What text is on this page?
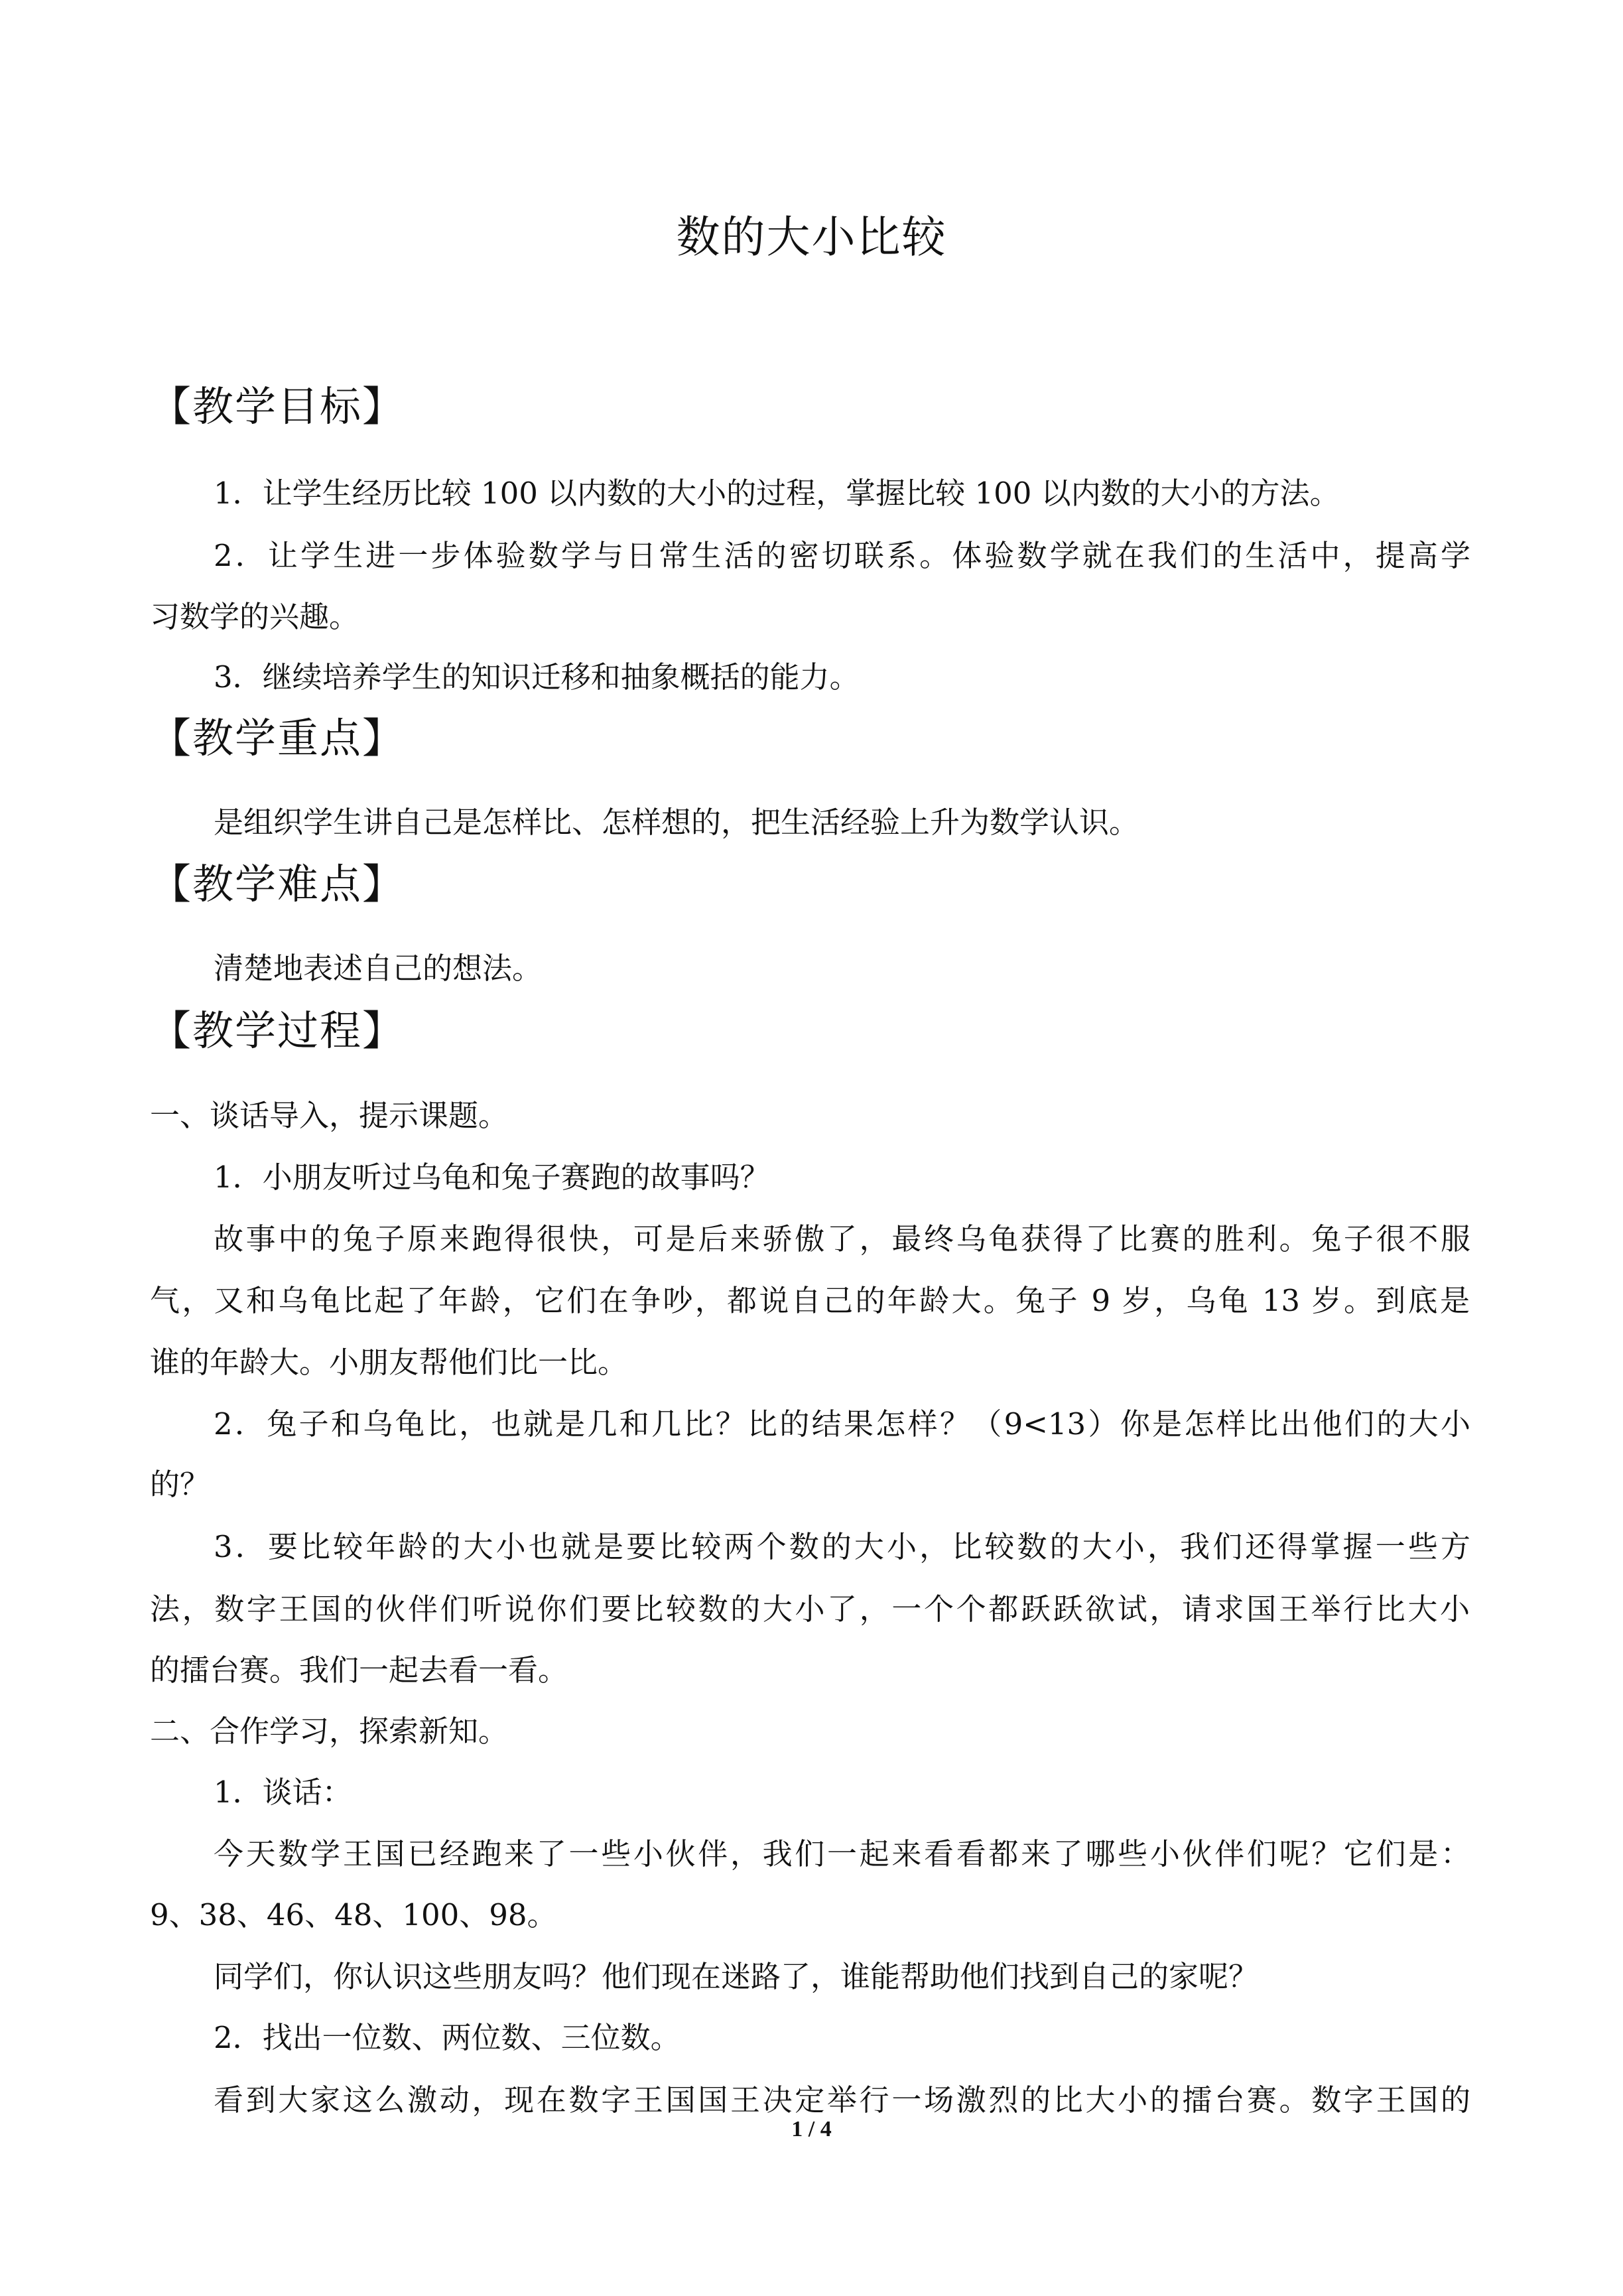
数的大小比较
【教学目标】
1．让学生经历比较 100 以内数的大小的过程，掌握比较 100 以内数的大小的方法。
2．让学生进一步体验数学与日常生活的密切联系。体验数学就在我们的生活中，提高学
习数学的兴趣。
3．继续培养学生的知识迁移和抽象概括的能力。
【教学重点】
是组织学生讲自己是怎样比、怎样想的，把生活经验上升为数学认识。
【教学难点】
清楚地表述自己的想法。
【教学过程】
一、谈话导入，提示课题。
1．小朋友听过乌龟和兔子赛跑的故事吗？
故事中的兔子原来跑得很快，可是后来骄傲了，最终乌龟获得了比赛的胜利。兔子很不服
气，又和乌龟比起了年龄，它们在争吵，都说自己的年龄大。兔子 9 岁，乌龟 13 岁。到底是
谁的年龄大。小朋友帮他们比一比。
2．兔子和乌龟比，也就是几和几比？比的结果怎样？（9<13）你是怎样比出他们的大小
的？
3．要比较年龄的大小也就是要比较两个数的大小，比较数的大小，我们还得掌握一些方
法，数字王国的伙伴们听说你们要比较数的大小了，一个个都跃跃欲试，请求国王举行比大小
的擂台赛。我们一起去看一看。
二、合作学习，探索新知。
1．谈话：
今天数学王国已经跑来了一些小伙伴，我们一起来看看都来了哪些小伙伴们呢？它们是：
9、38、46、48、100、98。
同学们，你认识这些朋友吗？他们现在迷路了，谁能帮助他们找到自己的家呢？
2．找出一位数、两位数、三位数。
看到大家这么激动，现在数字王国国王决定举行一场激烈的比大小的擂台赛。数字王国的
1 / 4
